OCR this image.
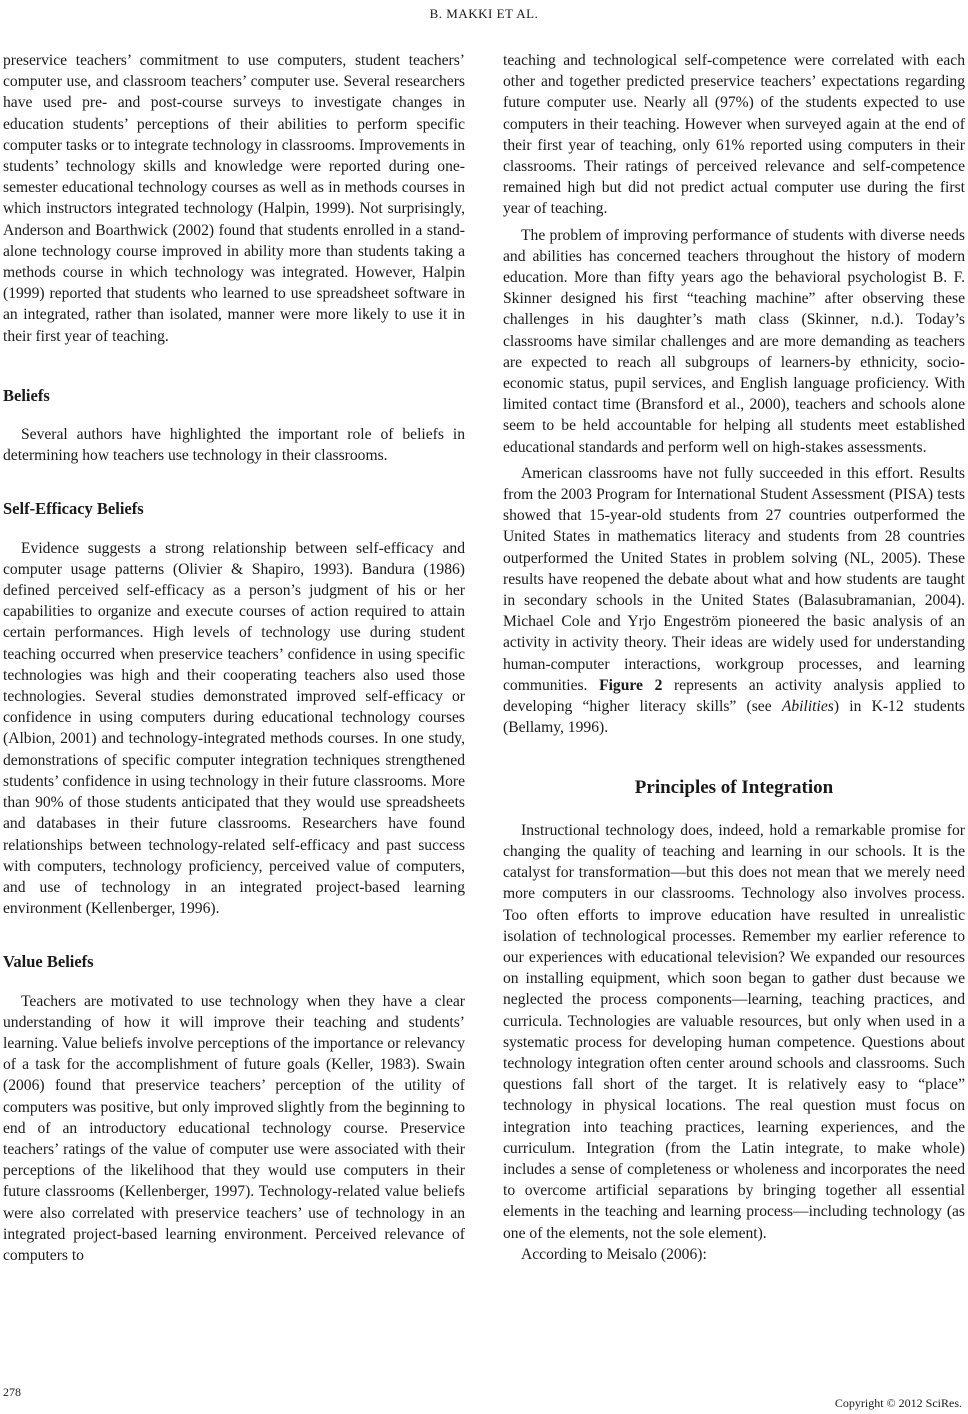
B. MAKKI ET AL.

preservice teachers’ commitment to use computers, student teachers’ computer use, and classroom teachers’ computer use. Several researchers have used pre- and post-course surveys to investigate changes in education students’ perceptions of their abilities to perform specific computer tasks or to integrate technology in classrooms. Improvements in students’ technology skills and knowledge were reported during one-semester educational technology courses as well as in methods courses in which instructors integrated technology (Halpin, 1999). Not surprisingly, Anderson and Boarthwick (2002) found that students enrolled in a stand-alone technology course improved in ability more than students taking a methods course in which technology was integrated. However, Halpin (1999) reported that students who learned to use spreadsheet software in an integrated, rather than isolated, manner were more likely to use it in their first year of teaching.

Beliefs

Several authors have highlighted the important role of beliefs in determining how teachers use technology in their classrooms.

Self-Efficacy Beliefs

Evidence suggests a strong relationship between self-efficacy and computer usage patterns (Olivier & Shapiro, 1993). Bandura (1986) defined perceived self-efficacy as a person’s judgment of his or her capabilities to organize and execute courses of action required to attain certain performances. High levels of technology use during student teaching occurred when preservice teachers’ confidence in using specific technologies was high and their cooperating teachers also used those technologies. Several studies demonstrated improved self-efficacy or confidence in using computers during educational technology courses (Albion, 2001) and technology-integrated methods courses. In one study, demonstrations of specific computer integration techniques strengthened students’ confidence in using technology in their future classrooms. More than 90% of those students anticipated that they would use spreadsheets and databases in their future classrooms. Researchers have found relationships between technology-related self-efficacy and past success with computers, technology proficiency, perceived value of computers, and use of technology in an integrated project-based learning environment (Kellenberger, 1996).

Value Beliefs

Teachers are motivated to use technology when they have a clear understanding of how it will improve their teaching and students’ learning. Value beliefs involve perceptions of the importance or relevancy of a task for the accomplishment of future goals (Keller, 1983). Swain (2006) found that preservice teachers’ perception of the utility of computers was positive, but only improved slightly from the beginning to end of an introductory educational technology course. Preservice teachers’ ratings of the value of computer use were associated with their perceptions of the likelihood that they would use computers in their future classrooms (Kellenberger, 1997). Technology-related value beliefs were also correlated with preservice teachers’ use of technology in an integrated project-based learning environment. Perceived relevance of computers to

teaching and technological self-competence were correlated with each other and together predicted preservice teachers’ expectations regarding future computer use. Nearly all (97%) of the students expected to use computers in their teaching. However when surveyed again at the end of their first year of teaching, only 61% reported using computers in their classrooms. Their ratings of perceived relevance and self-competence remained high but did not predict actual computer use during the first year of teaching.

The problem of improving performance of students with diverse needs and abilities has concerned teachers throughout the history of modern education. More than fifty years ago the behavioral psychologist B. F. Skinner designed his first “teaching machine” after observing these challenges in his daughter’s math class (Skinner, n.d.). Today’s classrooms have similar challenges and are more demanding as teachers are expected to reach all subgroups of learners-by ethnicity, socio-economic status, pupil services, and English language proficiency. With limited contact time (Bransford et al., 2000), teachers and schools alone seem to be held accountable for helping all students meet established educational standards and perform well on high-stakes assessments.

American classrooms have not fully succeeded in this effort. Results from the 2003 Program for International Student Assessment (PISA) tests showed that 15-year-old students from 27 countries outperformed the United States in mathematics literacy and students from 28 countries outperformed the United States in problem solving (NL, 2005). These results have reopened the debate about what and how students are taught in secondary schools in the United States (Balasubramanian, 2004). Michael Cole and Yrjo Engeström pioneered the basic analysis of an activity in activity theory. Their ideas are widely used for understanding human-computer interactions, workgroup processes, and learning communities. Figure 2 represents an activity analysis applied to developing “higher literacy skills” (see Abilities) in K-12 students (Bellamy, 1996).

Principles of Integration

Instructional technology does, indeed, hold a remarkable promise for changing the quality of teaching and learning in our schools. It is the catalyst for transformation—but this does not mean that we merely need more computers in our classrooms. Technology also involves process. Too often efforts to improve education have resulted in unrealistic isolation of technological processes. Remember my earlier reference to our experiences with educational television? We expanded our resources on installing equipment, which soon began to gather dust because we neglected the process components—learning, teaching practices, and curricula. Technologies are valuable resources, but only when used in a systematic process for developing human competence. Questions about technology integration often center around schools and classrooms. Such questions fall short of the target. It is relatively easy to “place” technology in physical locations. The real question must focus on integration into teaching practices, learning experiences, and the curriculum. Integration (from the Latin integrate, to make whole) includes a sense of completeness or wholeness and incorporates the need to overcome artificial separations by bringing together all essential elements in the teaching and learning process—including technology (as one of the elements, not the sole element).

According to Meisalo (2006):

278
Copyright © 2012 SciRes.
